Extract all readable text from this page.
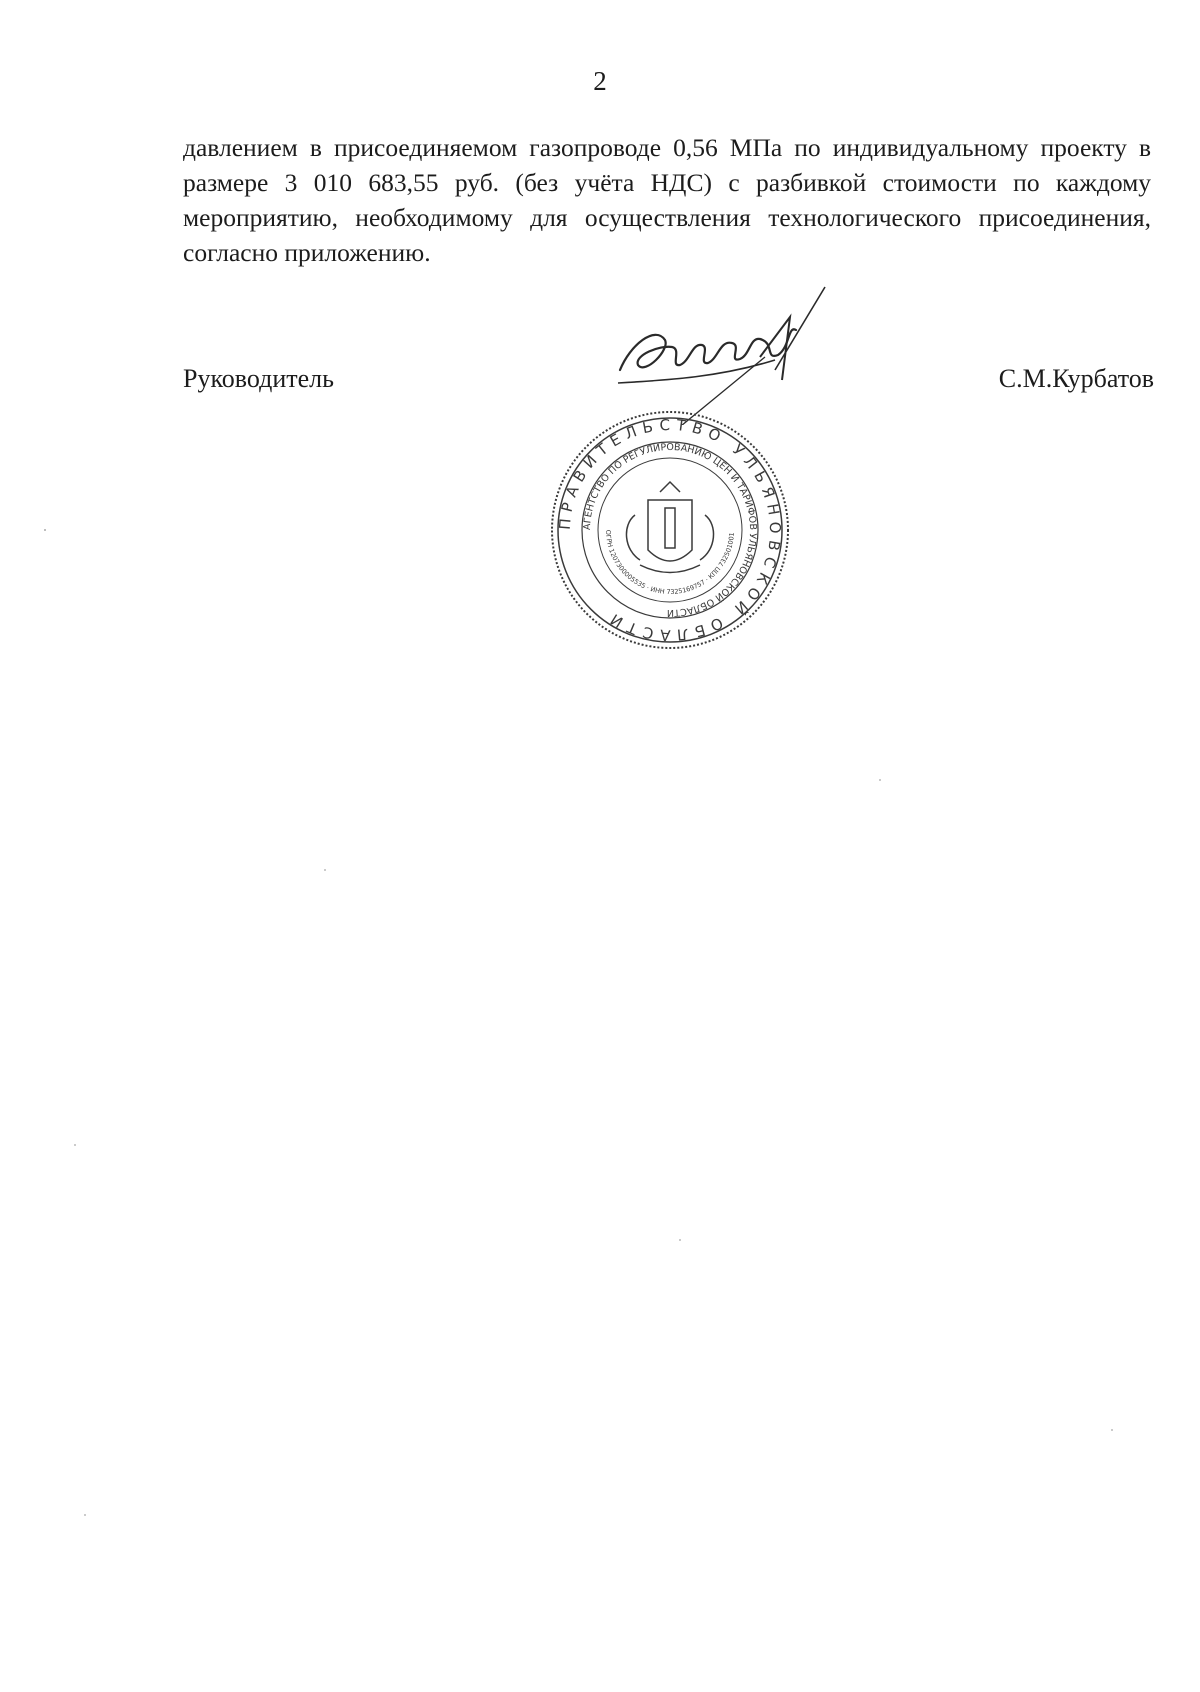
2

давлением в присоединяемом газопроводе 0,56 МПа по индивидуальному проекту в размере 3 010 683,55 руб. (без учёта НДС) с разбивкой стоимости по каждому мероприятию, необходимому для осуществления технологического присоединения, согласно приложению.

Руководитель
ПРАВИТЕЛЬСТВО УЛЬЯНОВСКОЙ ОБЛАСТИ
АГЕНТСТВО ПО РЕГУЛИРОВАНИЮ ЦЕН И ТАРИФОВ УЛЬЯНОВСКОЙ ОБЛАСТИ
ОГРН 1207300005535 · ИНН 7325169757 · КПП 732501001
С.М.Курбатов
